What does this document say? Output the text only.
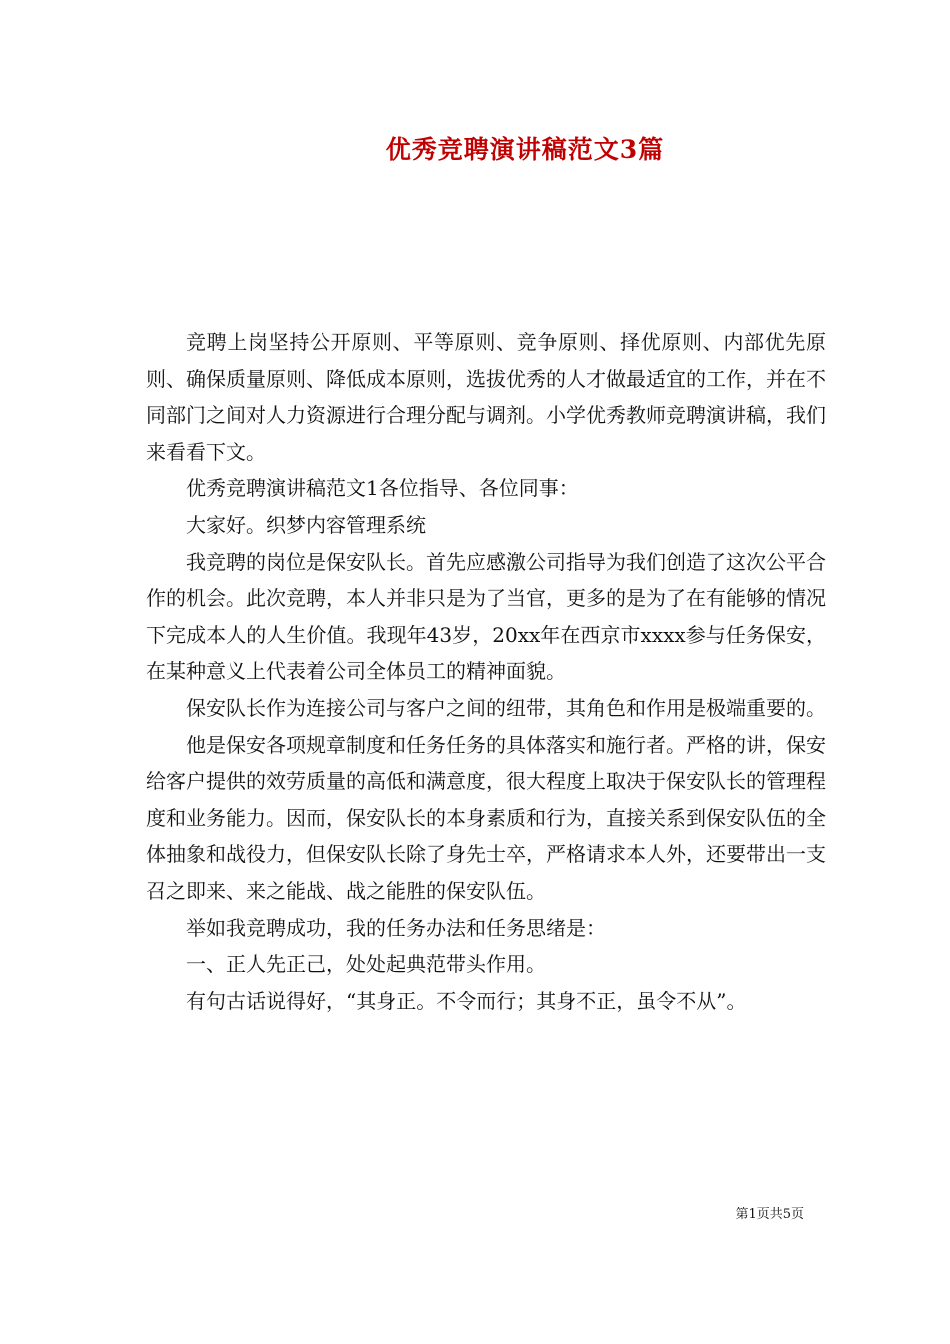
优秀竞聘演讲稿范文3篇

竞聘上岗坚持公开原则、平等原则、竞争原则、择优原则、内部优先原则、确保质量原则、降低成本原则，选拔优秀的人才做最适宜的工作，并在不同部门之间对人力资源进行合理分配与调剂。小学优秀教师竞聘演讲稿，我们来看看下文。

优秀竞聘演讲稿范文1各位指导、各位同事：

大家好。织梦内容管理系统

我竞聘的岗位是保安队长。首先应感激公司指导为我们创造了这次公平合作的机会。此次竞聘，本人并非只是为了当官，更多的是为了在有能够的情况下完成本人的人生价值。我现年43岁，20xx年在西京市xxxx参与任务保安，在某种意义上代表着公司全体员工的精神面貌。

保安队长作为连接公司与客户之间的纽带，其角色和作用是极端重要的。

他是保安各项规章制度和任务任务的具体落实和施行者。严格的讲，保安给客户提供的效劳质量的高低和满意度，很大程度上取决于保安队长的管理程度和业务能力。因而，保安队长的本身素质和行为，直接关系到保安队伍的全体抽象和战役力，但保安队长除了身先士卒，严格请求本人外，还要带出一支召之即来、来之能战、战之能胜的保安队伍。

举如我竞聘成功，我的任务办法和任务思绪是：

一、正人先正己，处处起典范带头作用。

有句古话说得好，“其身正。不令而行；其身不正，虽令不从”。

第1页共5页
